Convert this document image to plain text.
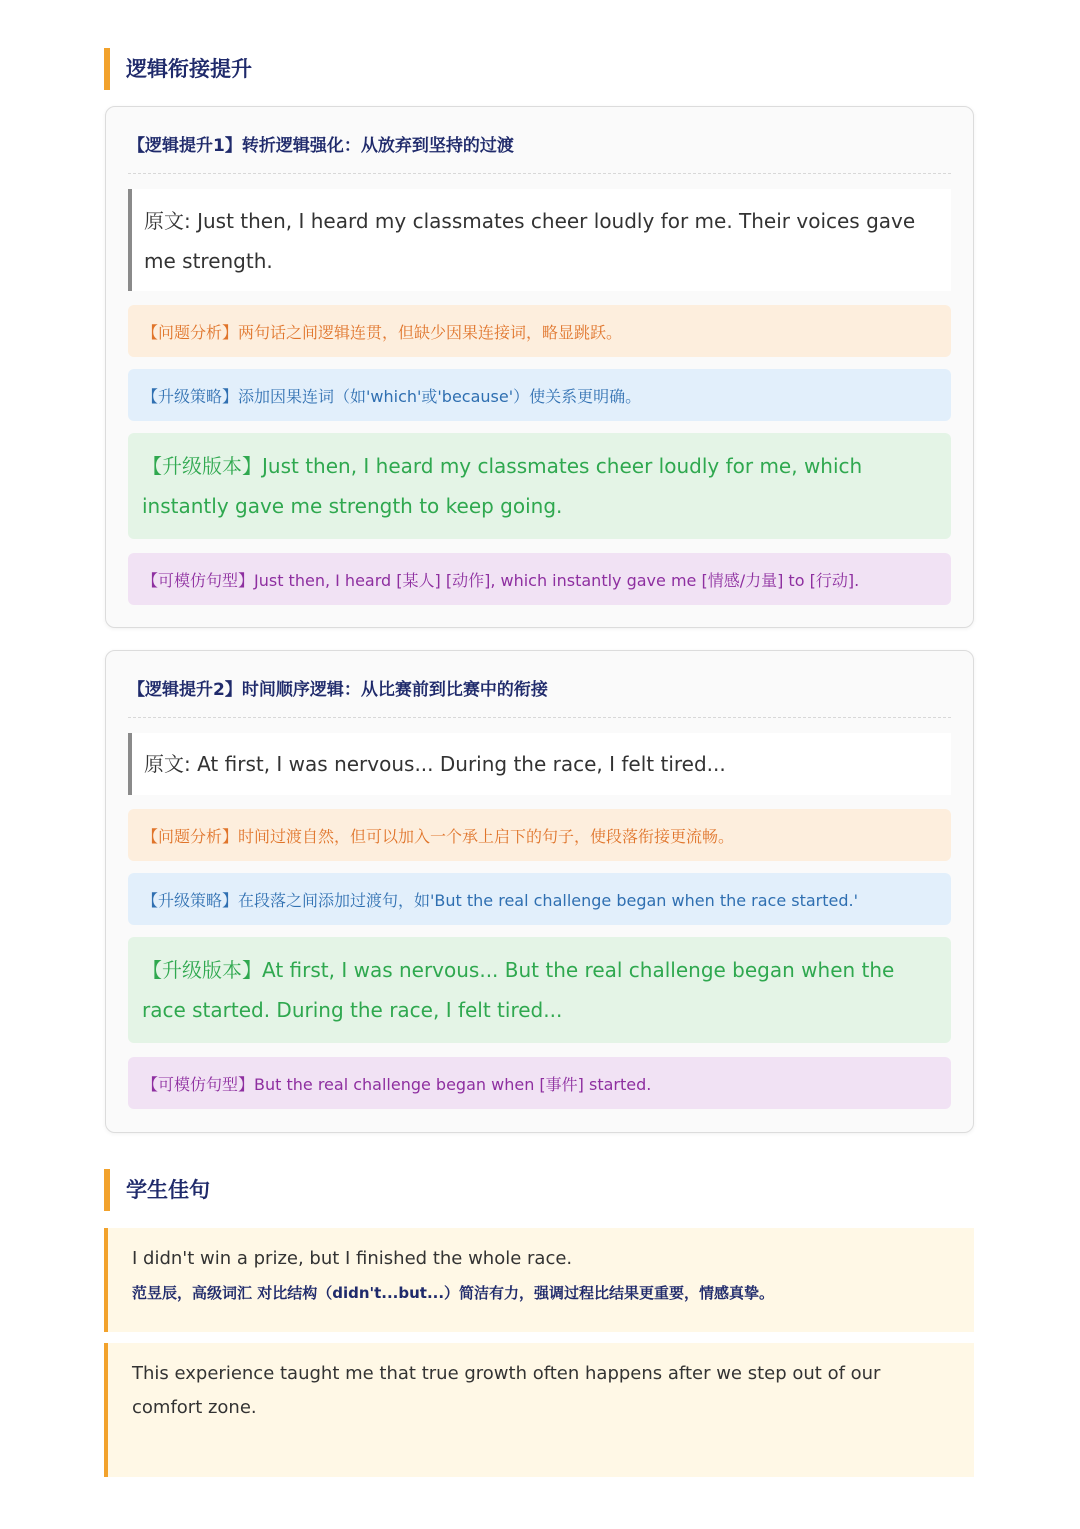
逻辑衔接提升
【逻辑提升1】转折逻辑强化：从放弃到坚持的过渡
原文: Just then, I heard my classmates cheer loudly for me. Their voices gave me strength.
【问题分析】两句话之间逻辑连贯，但缺少因果连接词，略显跳跃。
【升级策略】添加因果连词（如'which'或'because'）使关系更明确。
【升级版本】Just then, I heard my classmates cheer loudly for me, which instantly gave me strength to keep going.
【可模仿句型】Just then, I heard [某人] [动作], which instantly gave me [情感/力量] to [行动].
【逻辑提升2】时间顺序逻辑：从比赛前到比赛中的衔接
原文: At first, I was nervous... During the race, I felt tired...
【问题分析】时间过渡自然，但可以加入一个承上启下的句子，使段落衔接更流畅。
【升级策略】在段落之间添加过渡句，如'But the real challenge began when the race started.'
【升级版本】At first, I was nervous... But the real challenge began when the race started. During the race, I felt tired...
【可模仿句型】But the real challenge began when [事件] started.
学生佳句
I didn't win a prize, but I finished the whole race.
范昱辰，高级词汇 对比结构（didn't...but...）简洁有力，强调过程比结果更重要，情感真挚。
This experience taught me that true growth often happens after we step out of our comfort zone.
